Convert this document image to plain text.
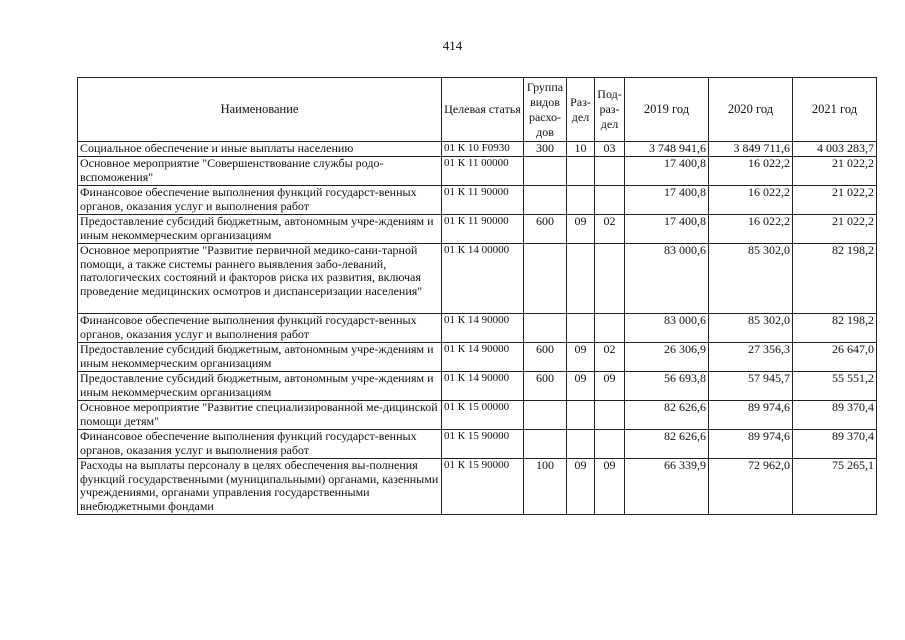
414
Наименование	Целевая статья	Группа видов расхо-дов	Раз-дел	Под-раз-дел	2019 год	2020 год	2021 год
Социальное обеспечение и иные выплаты населению	01 К 10 F0930	300	10	03	3 748 941,6	3 849 711,6	4 003 283,7
Основное мероприятие "Совершенствование службы родо-вспоможения"	01 К 11 00000				17 400,8	16 022,2	21 022,2
Финансовое обеспечение выполнения функций государст-венных органов, оказания услуг и выполнения работ	01 К 11 90000				17 400,8	16 022,2	21 022,2
Предоставление субсидий бюджетным, автономным учре-ждениям и иным некоммерческим организациям	01 К 11 90000	600	09	02	17 400,8	16 022,2	21 022,2
Основное мероприятие "Развитие первичной медико-сани-тарной помощи, а также системы раннего выявления забо-леваний, патологических состояний и факторов риска их развития, включая проведение медицинских осмотров и диспансеризации населения"	01 К 14 00000				83 000,6	85 302,0	82 198,2
Финансовое обеспечение выполнения функций государст-венных органов, оказания услуг и выполнения работ	01 К 14 90000				83 000,6	85 302,0	82 198,2
Предоставление субсидий бюджетным, автономным учре-ждениям и иным некоммерческим организациям	01 К 14 90000	600	09	02	26 306,9	27 356,3	26 647,0
Предоставление субсидий бюджетным, автономным учре-ждениям и иным некоммерческим организациям	01 К 14 90000	600	09	09	56 693,8	57 945,7	55 551,2
Основное мероприятие "Развитие специализированной ме-дицинской помощи детям"	01 К 15 00000				82 626,6	89 974,6	89 370,4
Финансовое обеспечение выполнения функций государст-венных органов, оказания услуг и выполнения работ	01 К 15 90000				82 626,6	89 974,6	89 370,4
Расходы на выплаты персоналу в целях обеспечения вы-полнения функций государственными (муниципальными) органами, казенными учреждениями, органами управления государственными внебюджетными фондами	01 К 15 90000	100	09	09	66 339,9	72 962,0	75 265,1
